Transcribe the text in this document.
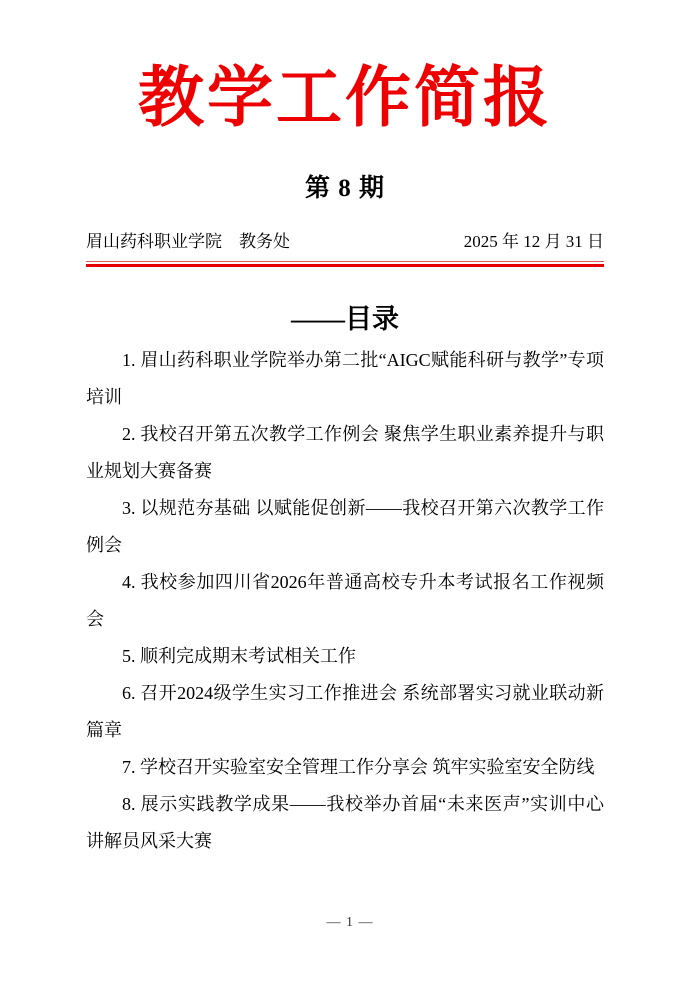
教学工作简报
第 8 期
眉山药科职业学院　教务处	2025 年 12 月 31 日
——目录

1. 眉山药科职业学院举办第二批“AIGC赋能科研与教学”专项培训

2. 我校召开第五次教学工作例会 聚焦学生职业素养提升与职业规划大赛备赛

3. 以规范夯基础 以赋能促创新——我校召开第六次教学工作例会

4. 我校参加四川省2026年普通高校专升本考试报名工作视频会

5. 顺利完成期末考试相关工作

6. 召开2024级学生实习工作推进会 系统部署实习就业联动新篇章

7. 学校召开实验室安全管理工作分享会 筑牢实验室安全防线

8. 展示实践教学成果——我校举办首届“未来医声”实训中心讲解员风采大赛

— 1 —
